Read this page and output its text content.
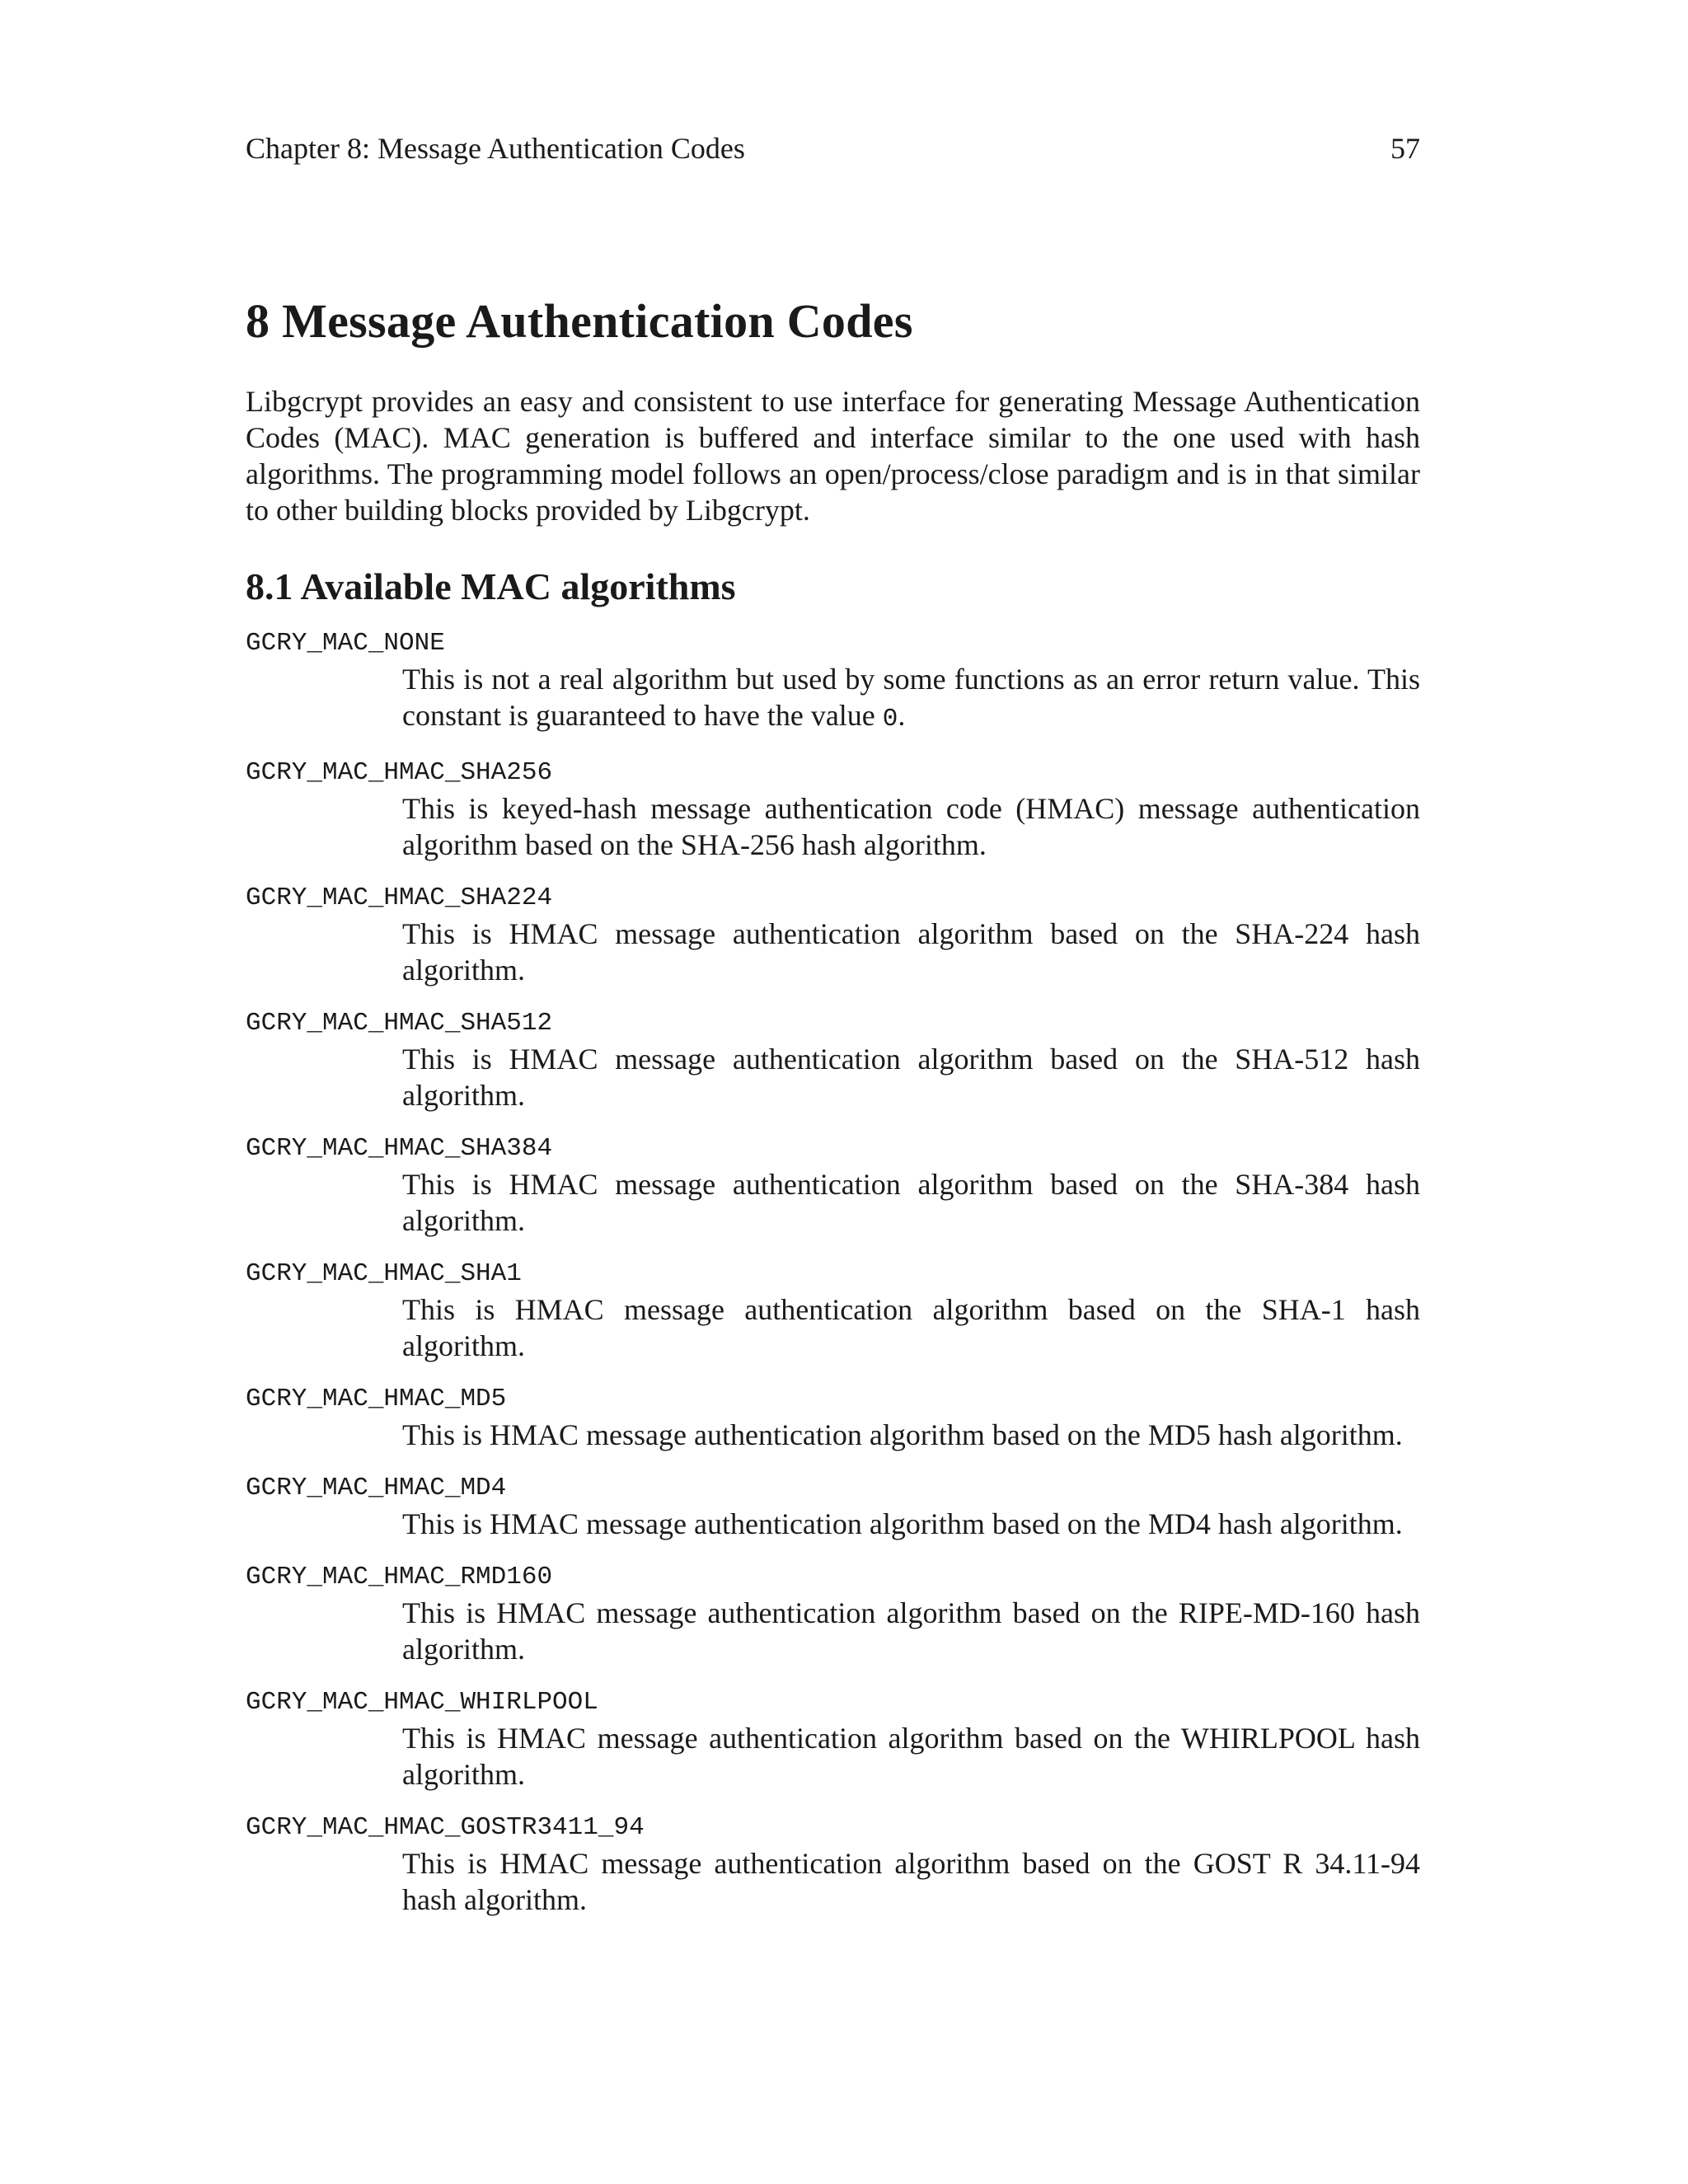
Chapter 8: Message Authentication Codes	57
8 Message Authentication Codes

Libgcrypt provides an easy and consistent to use interface for generating Message Authentication Codes (MAC). MAC generation is buffered and interface similar to the one used with hash algorithms. The programming model follows an open/process/close paradigm and is in that similar to other building blocks provided by Libgcrypt.

8.1 Available MAC algorithms
GCRY_MAC_NONE
This is not a real algorithm but used by some functions as an error return value. This constant is guaranteed to have the value 0.
GCRY_MAC_HMAC_SHA256
This is keyed-hash message authentication code (HMAC) message authentication algorithm based on the SHA-256 hash algorithm.
GCRY_MAC_HMAC_SHA224
This is HMAC message authentication algorithm based on the SHA-224 hash algorithm.
GCRY_MAC_HMAC_SHA512
This is HMAC message authentication algorithm based on the SHA-512 hash algorithm.
GCRY_MAC_HMAC_SHA384
This is HMAC message authentication algorithm based on the SHA-384 hash algorithm.
GCRY_MAC_HMAC_SHA1
This is HMAC message authentication algorithm based on the SHA-1 hash algorithm.
GCRY_MAC_HMAC_MD5
This is HMAC message authentication algorithm based on the MD5 hash algorithm.
GCRY_MAC_HMAC_MD4
This is HMAC message authentication algorithm based on the MD4 hash algorithm.
GCRY_MAC_HMAC_RMD160
This is HMAC message authentication algorithm based on the RIPE-MD-160 hash algorithm.
GCRY_MAC_HMAC_WHIRLPOOL
This is HMAC message authentication algorithm based on the WHIRLPOOL hash algorithm.
GCRY_MAC_HMAC_GOSTR3411_94
This is HMAC message authentication algorithm based on the GOST R 34.11-94 hash algorithm.
